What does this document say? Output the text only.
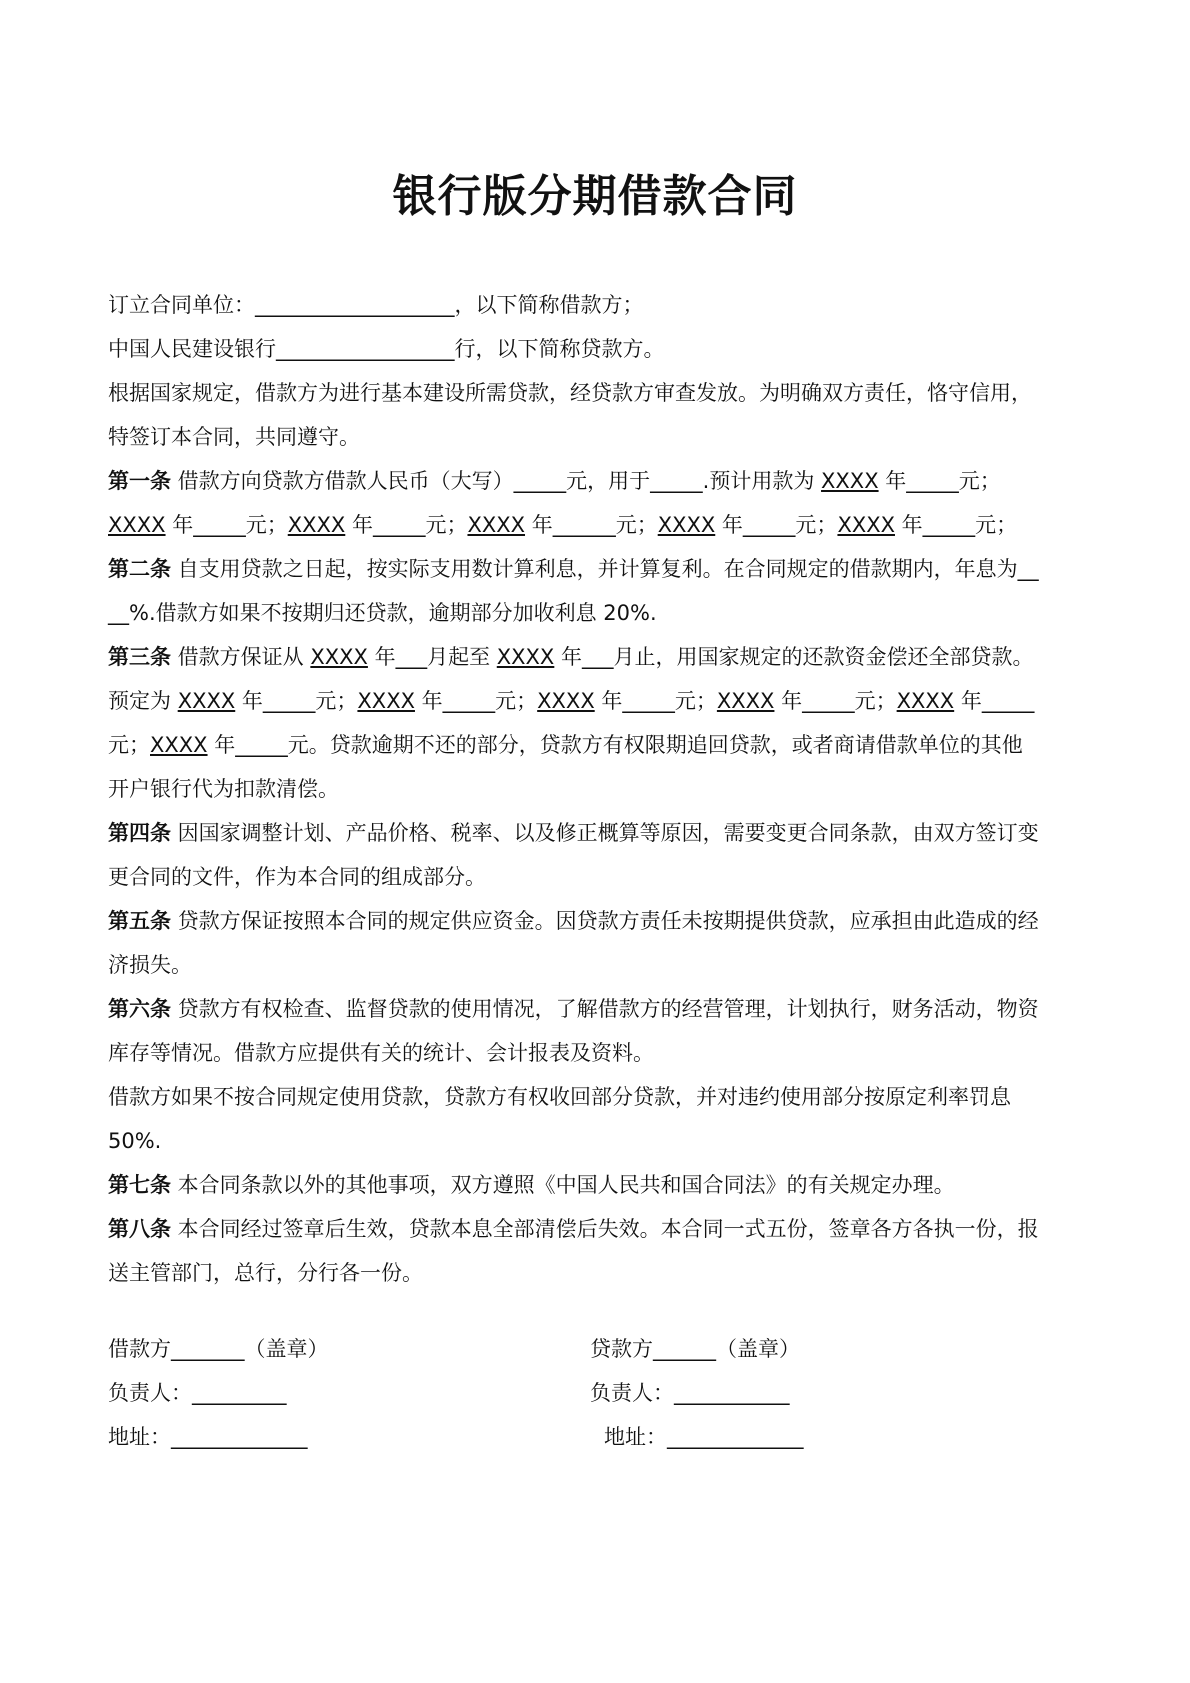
银行版分期借款合同
订立合同单位：___________________，以下简称借款方；
中国人民建设银行_________________行，以下简称贷款方。
根据国家规定，借款方为进行基本建设所需贷款，经贷款方审查发放。为明确双方责任，恪守信用，
特签订本合同，共同遵守。
第一条 借款方向贷款方借款人民币（大写）_____元，用于_____.预计用款为 XXXX 年_____元；
XXXX 年_____元；XXXX 年_____元；XXXX 年______元；XXXX 年_____元；XXXX 年_____元；
第二条 自支用贷款之日起，按实际支用数计算利息，并计算复利。在合同规定的借款期内，年息为__
__%.借款方如果不按期归还贷款，逾期部分加收利息 20%.
第三条 借款方保证从 XXXX 年___月起至 XXXX 年___月止，用国家规定的还款资金偿还全部贷款。
预定为 XXXX 年_____元；XXXX 年_____元；XXXX 年_____元；XXXX 年_____元；XXXX 年_____
元；XXXX 年_____元。贷款逾期不还的部分，贷款方有权限期追回贷款，或者商请借款单位的其他
开户银行代为扣款清偿。
第四条 因国家调整计划、产品价格、税率、以及修正概算等原因，需要变更合同条款，由双方签订变
更合同的文件，作为本合同的组成部分。
第五条 贷款方保证按照本合同的规定供应资金。因贷款方责任未按期提供贷款，应承担由此造成的经
济损失。
第六条 贷款方有权检查、监督贷款的使用情况，了解借款方的经营管理，计划执行，财务活动，物资
库存等情况。借款方应提供有关的统计、会计报表及资料。
借款方如果不按合同规定使用贷款，贷款方有权收回部分贷款，并对违约使用部分按原定利率罚息
50%.
第七条 本合同条款以外的其他事项，双方遵照《中国人民共和国合同法》的有关规定办理。
第八条 本合同经过签章后生效，贷款本息全部清偿后失效。本合同一式五份，签章各方各执一份，报
送主管部门，总行，分行各一份。
借款方_______（盖章）
负责人：_________
地址：_____________
贷款方______（盖章）
负责人：___________
地址：_____________
